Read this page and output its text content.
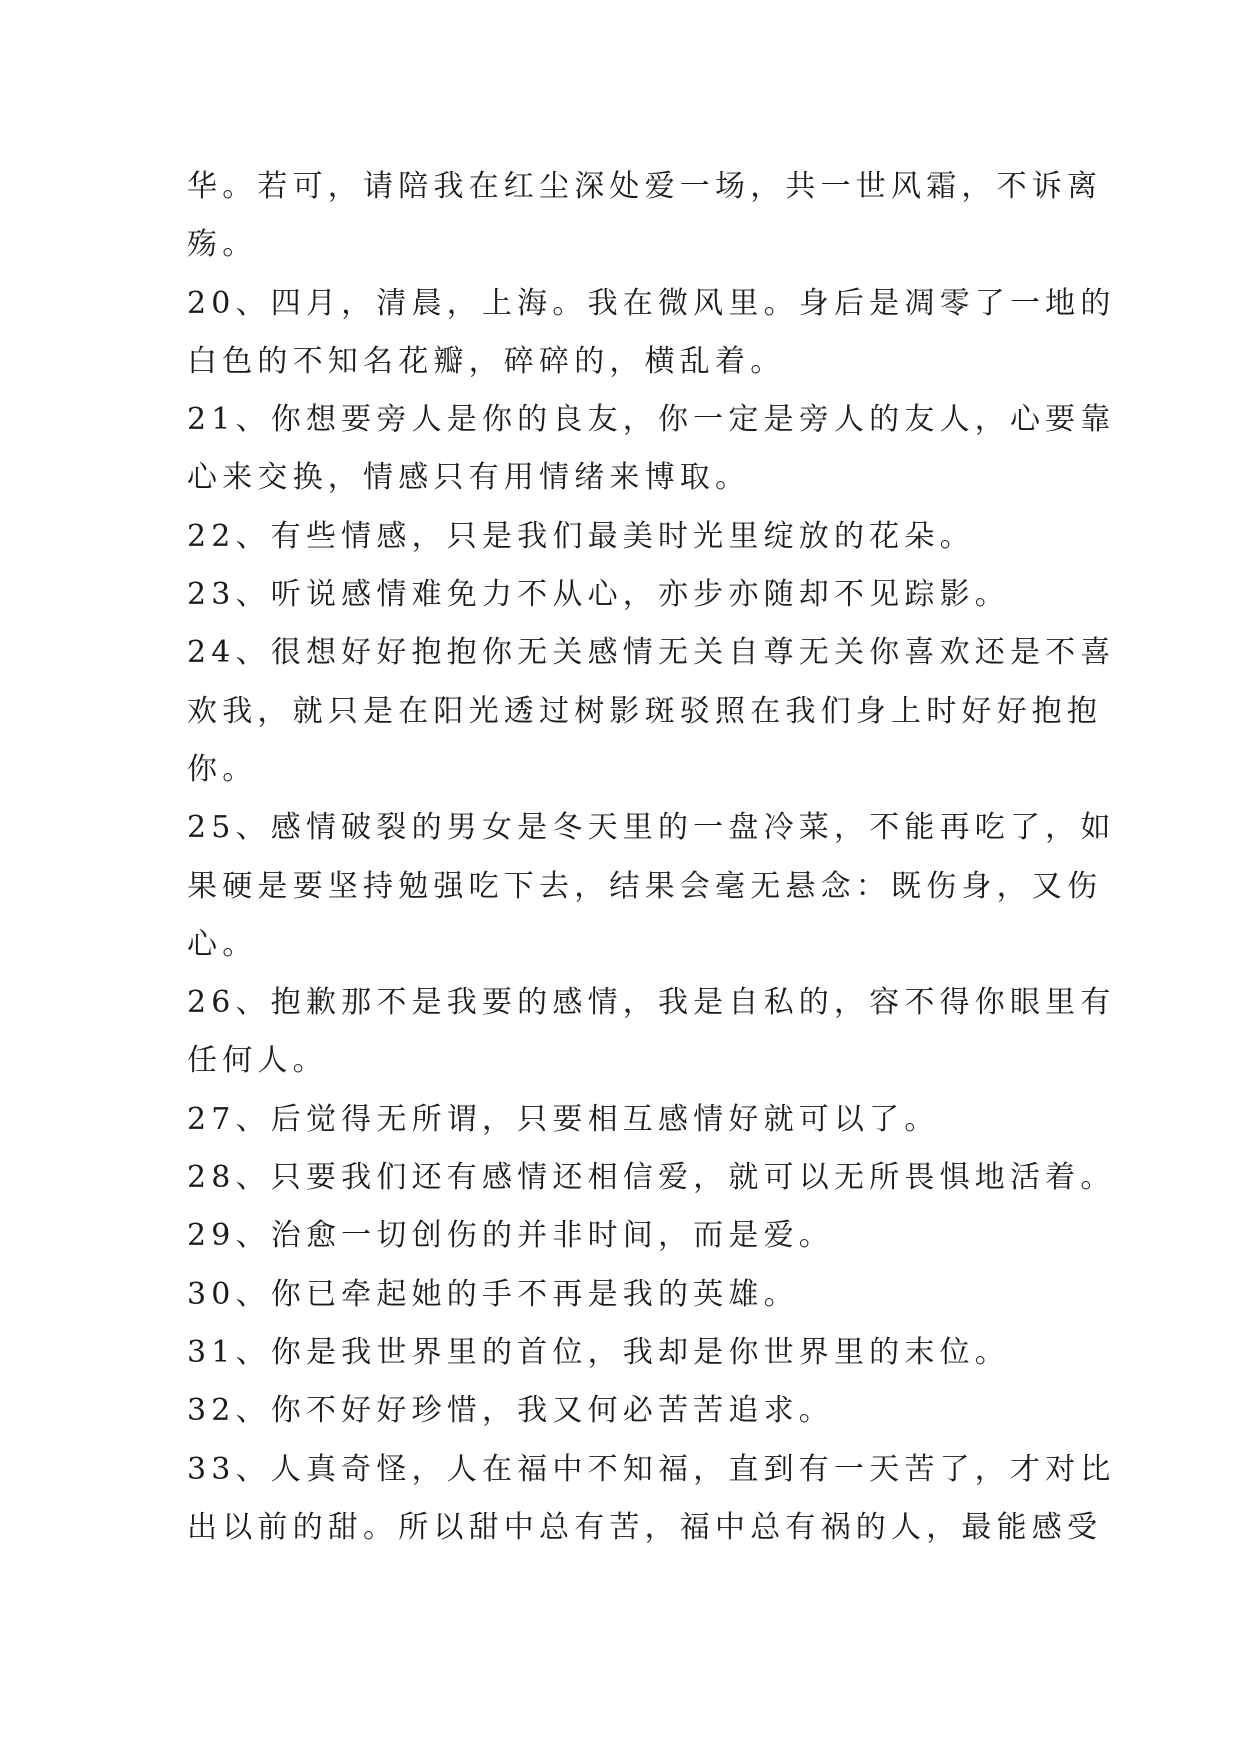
华。若可，请陪我在红尘深处爱一场，共一世风霜，不诉离
殇。
20、四月，清晨，上海。我在微风里。身后是凋零了一地的
白色的不知名花瓣，碎碎的，横乱着。
21、你想要旁人是你的良友，你一定是旁人的友人，心要靠
心来交换，情感只有用情绪来博取。
22、有些情感，只是我们最美时光里绽放的花朵。
23、听说感情难免力不从心，亦步亦随却不见踪影。
24、很想好好抱抱你无关感情无关自尊无关你喜欢还是不喜
欢我，就只是在阳光透过树影斑驳照在我们身上时好好抱抱
你。
25、感情破裂的男女是冬天里的一盘冷菜，不能再吃了，如
果硬是要坚持勉强吃下去，结果会毫无悬念：既伤身，又伤
心。
26、抱歉那不是我要的感情，我是自私的，容不得你眼里有
任何人。
27、后觉得无所谓，只要相互感情好就可以了。
28、只要我们还有感情还相信爱，就可以无所畏惧地活着。
29、治愈一切创伤的并非时间，而是爱。
30、你已牵起她的手不再是我的英雄。
31、你是我世界里的首位，我却是你世界里的末位。
32、你不好好珍惜，我又何必苦苦追求。
33、人真奇怪，人在福中不知福，直到有一天苦了，才对比
出以前的甜。所以甜中总有苦，福中总有祸的人，最能感受
